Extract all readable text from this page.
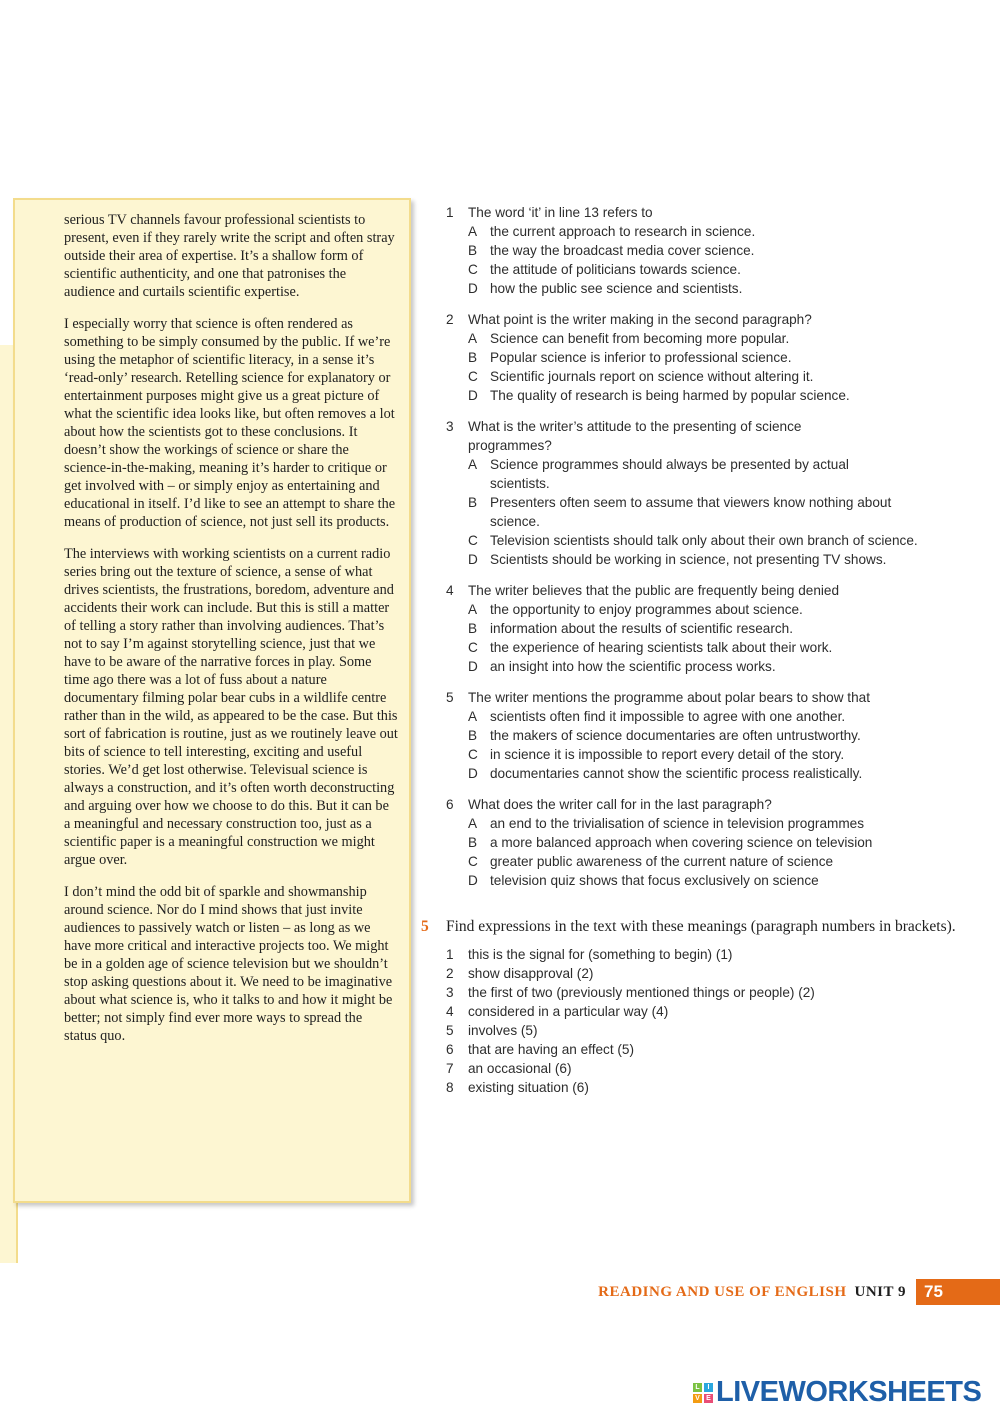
serious TV channels favour professional scientists to present, even if they rarely write the script and often stray outside their area of expertise. It’s a shallow form of scientific authenticity, and one that patronises the audience and curtails scientific expertise.

I especially worry that science is often rendered as something to be simply consumed by the public. If we’re using the metaphor of scientific literacy, in a sense it’s ‘read-only’ research. Retelling science for explanatory or entertainment purposes might give us a great picture of what the scientific idea looks like, but often removes a lot about how the scientists got to these conclusions. It doesn’t show the workings of science or share the science-in-the-making, meaning it’s harder to critique or get involved with – or simply enjoy as entertaining and educational in itself. I’d like to see an attempt to share the means of production of science, not just sell its products.

The interviews with working scientists on a current radio series bring out the texture of science, a sense of what drives scientists, the frustrations, boredom, adventure and accidents their work can include. But this is still a matter of telling a story rather than involving audiences. That’s not to say I’m against storytelling science, just that we have to be aware of the narrative forces in play. Some time ago there was a lot of fuss about a nature documentary filming polar bear cubs in a wildlife centre rather than in the wild, as appeared to be the case. But this sort of fabrication is routine, just as we routinely leave out bits of science to tell interesting, exciting and useful stories. We’d get lost otherwise. Televisual science is always a construction, and it’s often worth deconstructing and arguing over how we choose to do this. But it can be a meaningful and necessary construction too, just as a scientific paper is a meaningful construction we might argue over.

I don’t mind the odd bit of sparkle and showmanship around science. Nor do I mind shows that just invite audiences to passively watch or listen – as long as we have more critical and interactive projects too. We might be in a golden age of science television but we shouldn’t stop asking questions about it. We need to be imaginative about what science is, who it talks to and how it might be better; not simply find ever more ways to spread the status quo.

1	The word ‘it’ in line 13 refers to
A the current approach to research in science.
B the way the broadcast media cover science.
C the attitude of politicians towards science.
D how the public see science and scientists.
2	What point is the writer making in the second paragraph?
A Science can benefit from becoming more popular.
B Popular science is inferior to professional science.
C Scientific journals report on science without altering it.
D The quality of research is being harmed by popular science.
3	What is the writer’s attitude to the presenting of science programmes?
A Science programmes should always be presented by actual scientists.
B Presenters often seem to assume that viewers know nothing about science.
C Television scientists should talk only about their own branch of science.
D Scientists should be working in science, not presenting TV shows.
4	The writer believes that the public are frequently being denied
A the opportunity to enjoy programmes about science.
B information about the results of scientific research.
C the experience of hearing scientists talk about their work.
D an insight into how the scientific process works.
5	The writer mentions the programme about polar bears to show that
A scientists often find it impossible to agree with one another.
B the makers of science documentaries are often untrustworthy.
C in science it is impossible to report every detail of the story.
D documentaries cannot show the scientific process realistically.
6	What does the writer call for in the last paragraph?
A an end to the trivialisation of science in television programmes
B a more balanced approach when covering science on television
C greater public awareness of the current nature of science
D television quiz shows that focus exclusively on science
5	Find expressions in the text with these meanings (paragraph numbers in brackets).
1	this is the signal for (something to begin) (1)
2	show disapproval (2)
3	the first of two (previously mentioned things or people) (2)
4	considered in a particular way (4)
5	involves (5)
6	that are having an effect (5)
7	an occasional (6)
8	existing situation (6)
READING AND USE OF ENGLISH UNIT 9	75
L	I
V E LIVEWORKSHEETS
